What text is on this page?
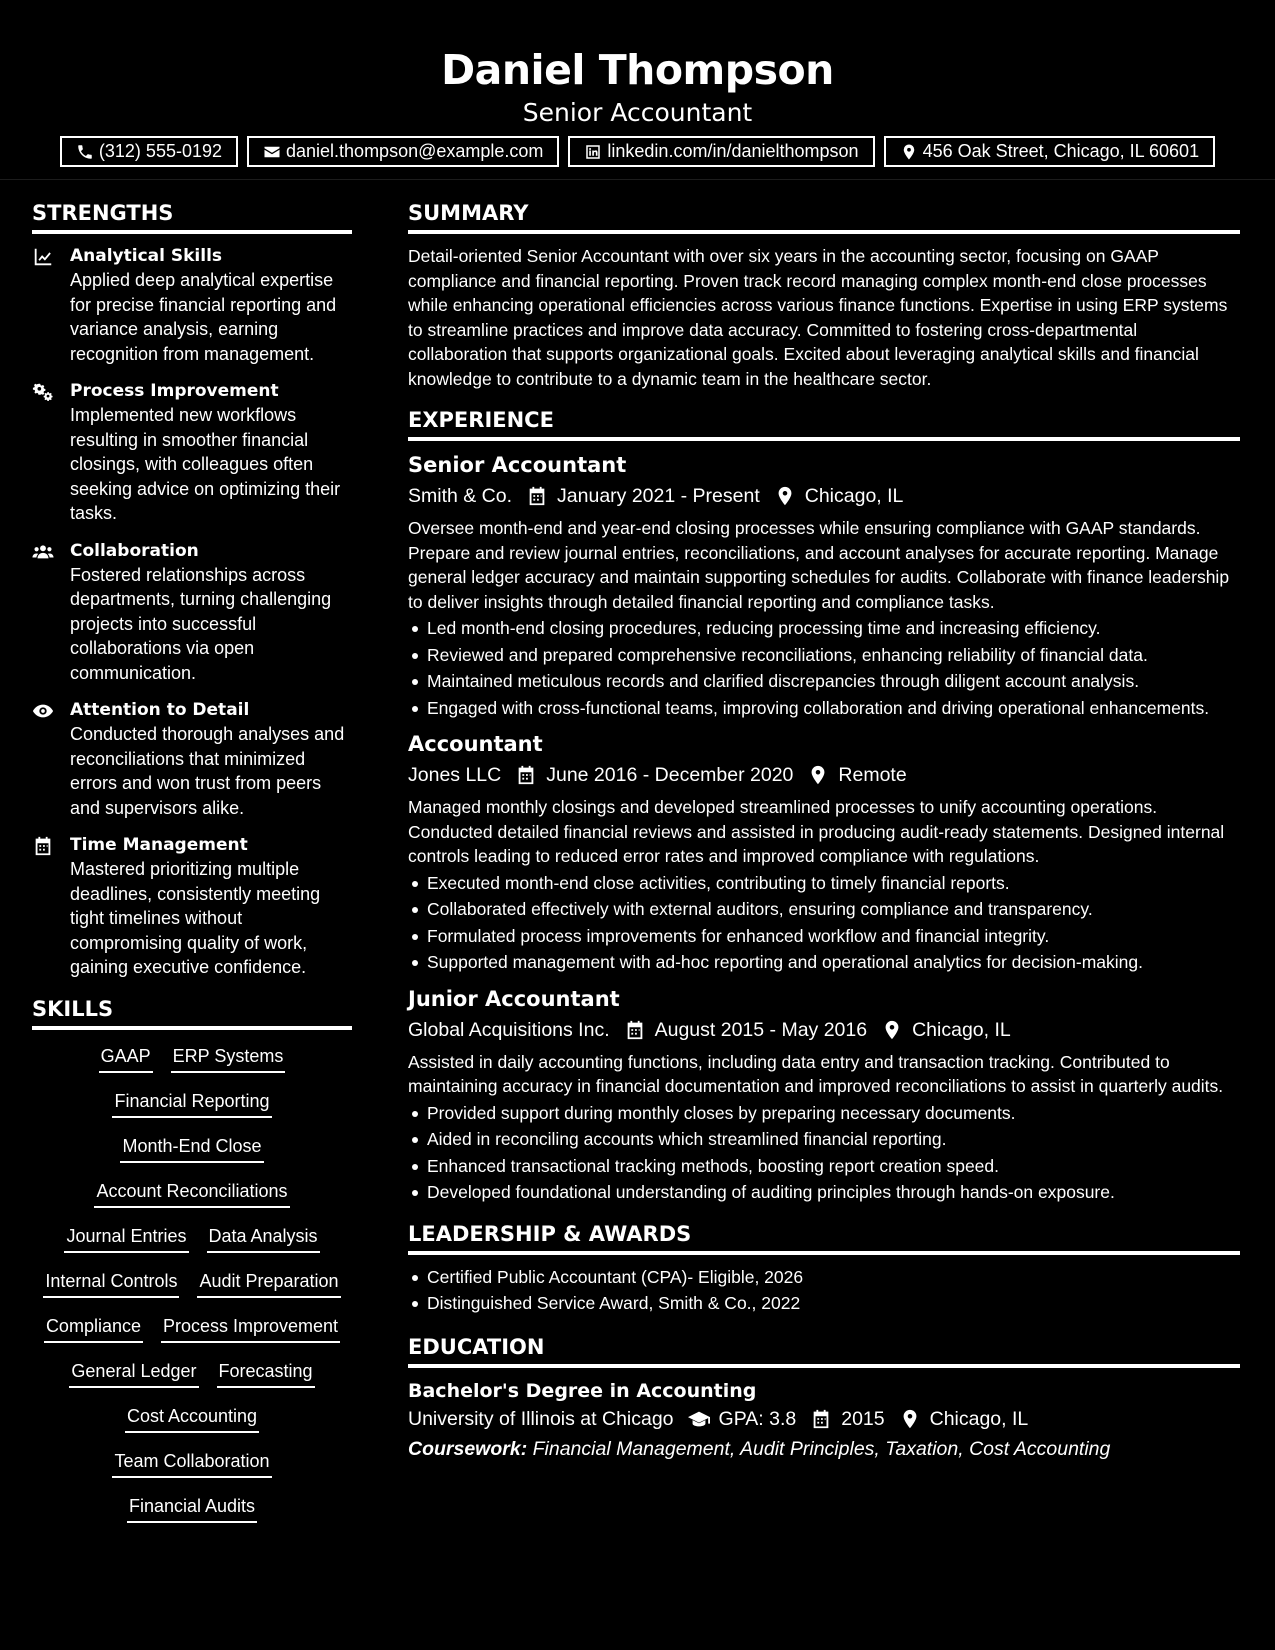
Daniel Thompson
Senior Accountant
(312) 555-0192	daniel.thompson@example.com	linkedin.com/in/danielthompson	456 Oak Street, Chicago, IL 60601
STRENGTHS
Analytical Skills
Applied deep analytical expertise for precise financial reporting and variance analysis, earning recognition from management.
Process Improvement
Implemented new workflows resulting in smoother financial closings, with colleagues often seeking advice on optimizing their tasks.
Collaboration
Fostered relationships across departments, turning challenging projects into successful collaborations via open communication.
Attention to Detail
Conducted thorough analyses and reconciliations that minimized errors and won trust from peers and supervisors alike.
Time Management
Mastered prioritizing multiple deadlines, consistently meeting tight timelines without compromising quality of work, gaining executive confidence.
SKILLS
GAAP ERP Systems
Financial Reporting
Month-End Close
Account Reconciliations
Journal Entries Data Analysis
Internal Controls Audit Preparation
Compliance Process Improvement
General Ledger Forecasting
Cost Accounting
Team Collaboration
Financial Audits
SUMMARY
Detail-oriented Senior Accountant with over six years in the accounting sector, focusing on GAAP compliance and financial reporting. Proven track record managing complex month-end close processes while enhancing operational efficiencies across various finance functions. Expertise in using ERP systems to streamline practices and improve data accuracy. Committed to fostering cross-departmental collaboration that supports organizational goals. Excited about leveraging analytical skills and financial knowledge to contribute to a dynamic team in the healthcare sector.
EXPERIENCE
Senior Accountant
Smith & Co. January 2021 - Present Chicago, IL
Oversee month-end and year-end closing processes while ensuring compliance with GAAP standards. Prepare and review journal entries, reconciliations, and account analyses for accurate reporting. Manage general ledger accuracy and maintain supporting schedules for audits. Collaborate with finance leadership to deliver insights through detailed financial reporting and compliance tasks.
Led month-end closing procedures, reducing processing time and increasing efficiency.
Reviewed and prepared comprehensive reconciliations, enhancing reliability of financial data.
Maintained meticulous records and clarified discrepancies through diligent account analysis.
Engaged with cross-functional teams, improving collaboration and driving operational enhancements.
Accountant
Jones LLC June 2016 - December 2020 Remote
Managed monthly closings and developed streamlined processes to unify accounting operations. Conducted detailed financial reviews and assisted in producing audit-ready statements. Designed internal controls leading to reduced error rates and improved compliance with regulations.
Executed month-end close activities, contributing to timely financial reports.
Collaborated effectively with external auditors, ensuring compliance and transparency.
Formulated process improvements for enhanced workflow and financial integrity.
Supported management with ad-hoc reporting and operational analytics for decision-making.
Junior Accountant
Global Acquisitions Inc. August 2015 - May 2016 Chicago, IL
Assisted in daily accounting functions, including data entry and transaction tracking. Contributed to maintaining accuracy in financial documentation and improved reconciliations to assist in quarterly audits.
Provided support during monthly closes by preparing necessary documents.
Aided in reconciling accounts which streamlined financial reporting.
Enhanced transactional tracking methods, boosting report creation speed.
Developed foundational understanding of auditing principles through hands-on exposure.
LEADERSHIP & AWARDS
Certified Public Accountant (CPA)- Eligible, 2026
Distinguished Service Award, Smith & Co., 2022
EDUCATION
Bachelor's Degree in Accounting
University of Illinois at Chicago GPA: 3.8 2015 Chicago, IL
Coursework: Financial Management, Audit Principles, Taxation, Cost Accounting
